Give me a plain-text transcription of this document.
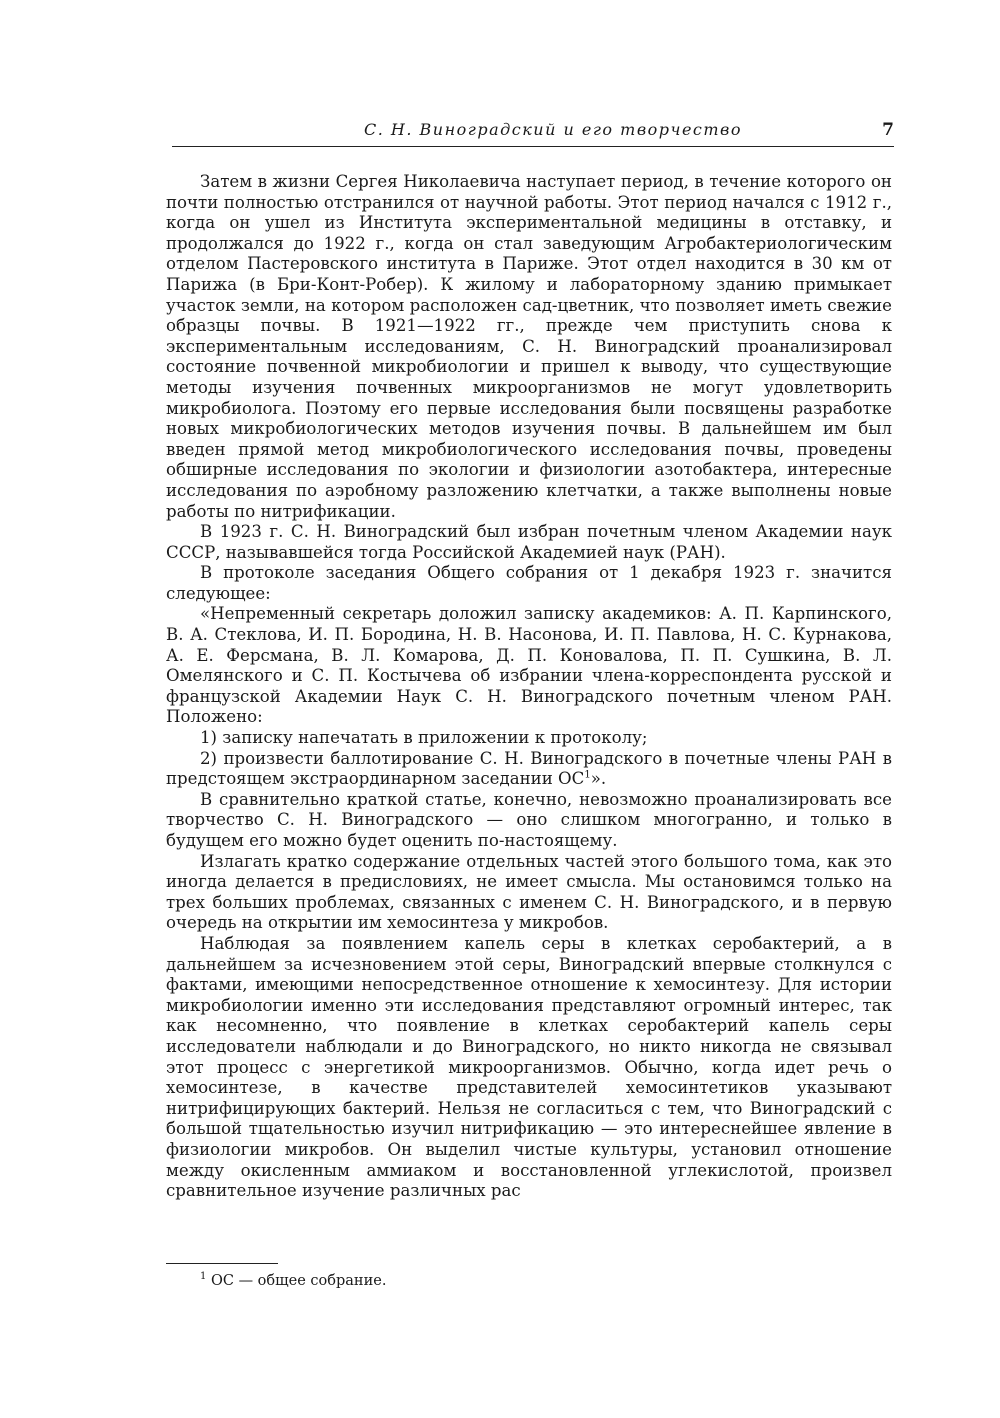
С. Н. Виноградский и его творчество	7

Затем в жизни Сергея Николаевича наступает период, в течение которого он почти полностью отстранился от научной работы. Этот период начался с 1912 г., когда он ушел из Института экспериментальной медицины в отставку, и продолжался до 1922 г., когда он стал заведующим Агробактериологическим отделом Пастеровского института в Париже. Этот отдел находится в 30 км от Парижа (в Бри-Конт-Робер). К жилому и лабораторному зданию примыкает участок земли, на котором расположен сад-цветник, что позволяет иметь свежие образцы почвы. В 1921—1922 гг., прежде чем приступить снова к экспериментальным исследованиям, С. Н. Виноградский проанализировал состояние почвенной микробиологии и пришел к выводу, что существующие методы изучения почвенных микроорганизмов не могут удовлетворить микробиолога. Поэтому его первые исследования были посвящены разработке новых микробиологических методов изучения почвы. В дальнейшем им был введен прямой метод микробиологического исследования почвы, проведены обширные исследования по экологии и физиологии азотобактера, интересные исследования по аэробному разложению клетчатки, а также выполнены новые работы по нитрификации.

В 1923 г. С. Н. Виноградский был избран почетным членом Академии наук СССР, называвшейся тогда Российской Академией наук (РАН).

В протоколе заседания Общего собрания от 1 декабря 1923 г. значится следующее:

«Непременный секретарь доложил записку академиков: А. П. Карпинского, В. А. Стеклова, И. П. Бородина, Н. В. Насонова, И. П. Павлова, Н. С. Курнакова, А. Е. Ферсмана, В. Л. Комарова, Д. П. Коновалова, П. П. Сушкина, В. Л. Омелянского и С. П. Костычева об избрании члена-корреспондента русской и французской Академии Наук С. Н. Виноградского почетным членом РАН. Положено:

1) записку напечатать в приложении к протоколу;

2) произвести баллотирование С. Н. Виноградского в почетные члены РАН в предстоящем экстраординарном заседании $ОС^1$».

В сравнительно краткой статье, конечно, невозможно проанализировать все творчество С. Н. Виноградского — оно слишком многогранно, и только в будущем его можно будет оценить по-настоящему.

Излагать кратко содержание отдельных частей этого большого тома, как это иногда делается в предисловиях, не имеет смысла. Мы остановимся только на трех больших проблемах, связанных с именем С. Н. Виноградского, и в первую очередь на открытии им хемосинтеза у микробов.

Наблюдая за появлением капель серы в клетках серобактерий, а в дальнейшем за исчезновением этой серы, Виноградский впервые столкнулся с фактами, имеющими непосредственное отношение к хемосинтезу. Для истории микробиологии именно эти исследования представляют огромный интерес, так как несомненно, что появление в клетках серобактерий капель серы исследователи наблюдали и до Виноградского, но никто никогда не связывал этот процесс с энергетикой микроорганизмов. Обычно, когда идет речь о хемосинтезе, в качестве представителей хемосинтетиков указывают нитрифицирующих бактерий. Нельзя не согласиться с тем, что Виноградский с большой тщательностью изучил нитрификацию — это интереснейшее явление в физиологии микробов. Он выделил чистые культуры, установил отношение между окисленным аммиаком и восстановленной углекислотой, произвел сравнительное изучение различных рас

$^1$ ОС — общее собрание.
